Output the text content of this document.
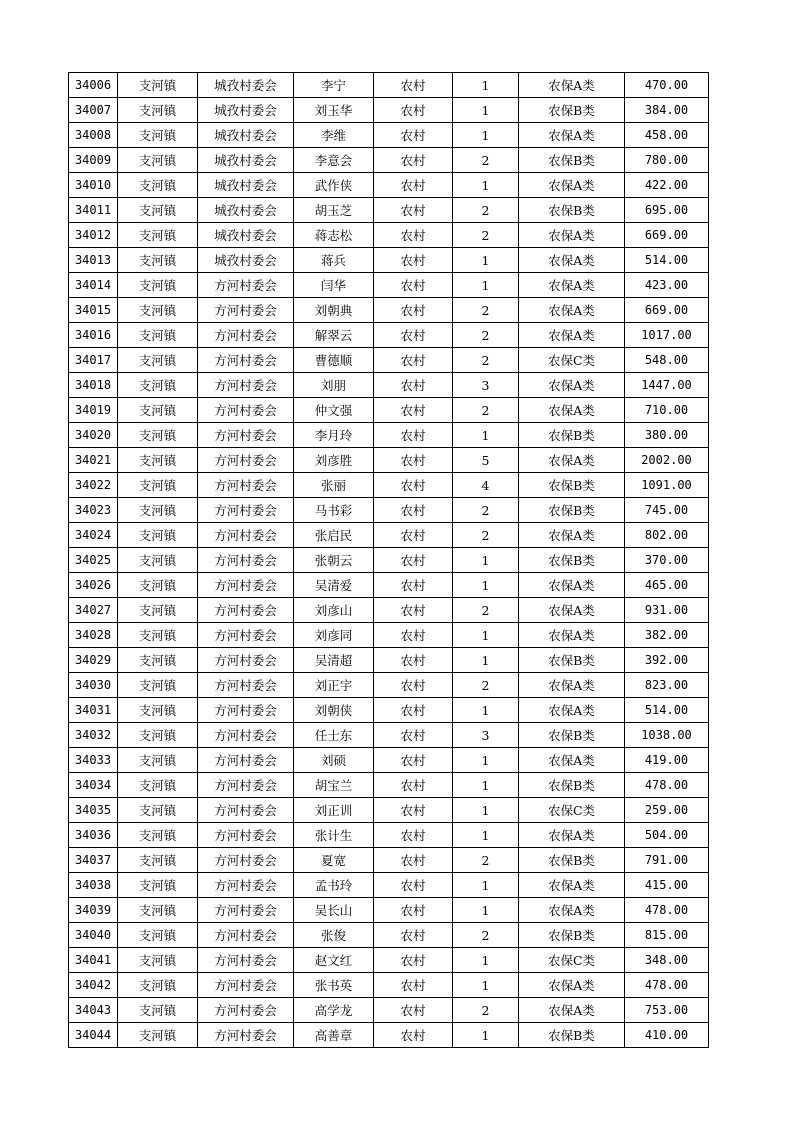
34006	支河镇	城孜村委会	李宁	农村	1	农保A类	470.00
34007	支河镇	城孜村委会	刘玉华	农村	1	农保B类	384.00
34008	支河镇	城孜村委会	李维	农村	1	农保A类	458.00
34009	支河镇	城孜村委会	李意会	农村	2	农保B类	780.00
34010	支河镇	城孜村委会	武作侠	农村	1	农保A类	422.00
34011	支河镇	城孜村委会	胡玉芝	农村	2	农保B类	695.00
34012	支河镇	城孜村委会	蒋志松	农村	2	农保A类	669.00
34013	支河镇	城孜村委会	蒋兵	农村	1	农保A类	514.00
34014	支河镇	方河村委会	闫华	农村	1	农保A类	423.00
34015	支河镇	方河村委会	刘朝典	农村	2	农保A类	669.00
34016	支河镇	方河村委会	解翠云	农村	2	农保A类	1017.00
34017	支河镇	方河村委会	曹德顺	农村	2	农保C类	548.00
34018	支河镇	方河村委会	刘朋	农村	3	农保A类	1447.00
34019	支河镇	方河村委会	仲文强	农村	2	农保A类	710.00
34020	支河镇	方河村委会	李月玲	农村	1	农保B类	380.00
34021	支河镇	方河村委会	刘彦胜	农村	5	农保A类	2002.00
34022	支河镇	方河村委会	张丽	农村	4	农保B类	1091.00
34023	支河镇	方河村委会	马书彩	农村	2	农保B类	745.00
34024	支河镇	方河村委会	张启民	农村	2	农保A类	802.00
34025	支河镇	方河村委会	张朝云	农村	1	农保B类	370.00
34026	支河镇	方河村委会	吴清爱	农村	1	农保A类	465.00
34027	支河镇	方河村委会	刘彦山	农村	2	农保A类	931.00
34028	支河镇	方河村委会	刘彦同	农村	1	农保A类	382.00
34029	支河镇	方河村委会	吴清超	农村	1	农保B类	392.00
34030	支河镇	方河村委会	刘正宇	农村	2	农保A类	823.00
34031	支河镇	方河村委会	刘朝侠	农村	1	农保A类	514.00
34032	支河镇	方河村委会	任士东	农村	3	农保B类	1038.00
34033	支河镇	方河村委会	刘硕	农村	1	农保A类	419.00
34034	支河镇	方河村委会	胡宝兰	农村	1	农保B类	478.00
34035	支河镇	方河村委会	刘正训	农村	1	农保C类	259.00
34036	支河镇	方河村委会	张计生	农村	1	农保A类	504.00
34037	支河镇	方河村委会	夏宽	农村	2	农保B类	791.00
34038	支河镇	方河村委会	孟书玲	农村	1	农保A类	415.00
34039	支河镇	方河村委会	吴长山	农村	1	农保A类	478.00
34040	支河镇	方河村委会	张俊	农村	2	农保B类	815.00
34041	支河镇	方河村委会	赵文红	农村	1	农保C类	348.00
34042	支河镇	方河村委会	张书英	农村	1	农保A类	478.00
34043	支河镇	方河村委会	高学龙	农村	2	农保A类	753.00
34044	支河镇	方河村委会	高善章	农村	1	农保B类	410.00
